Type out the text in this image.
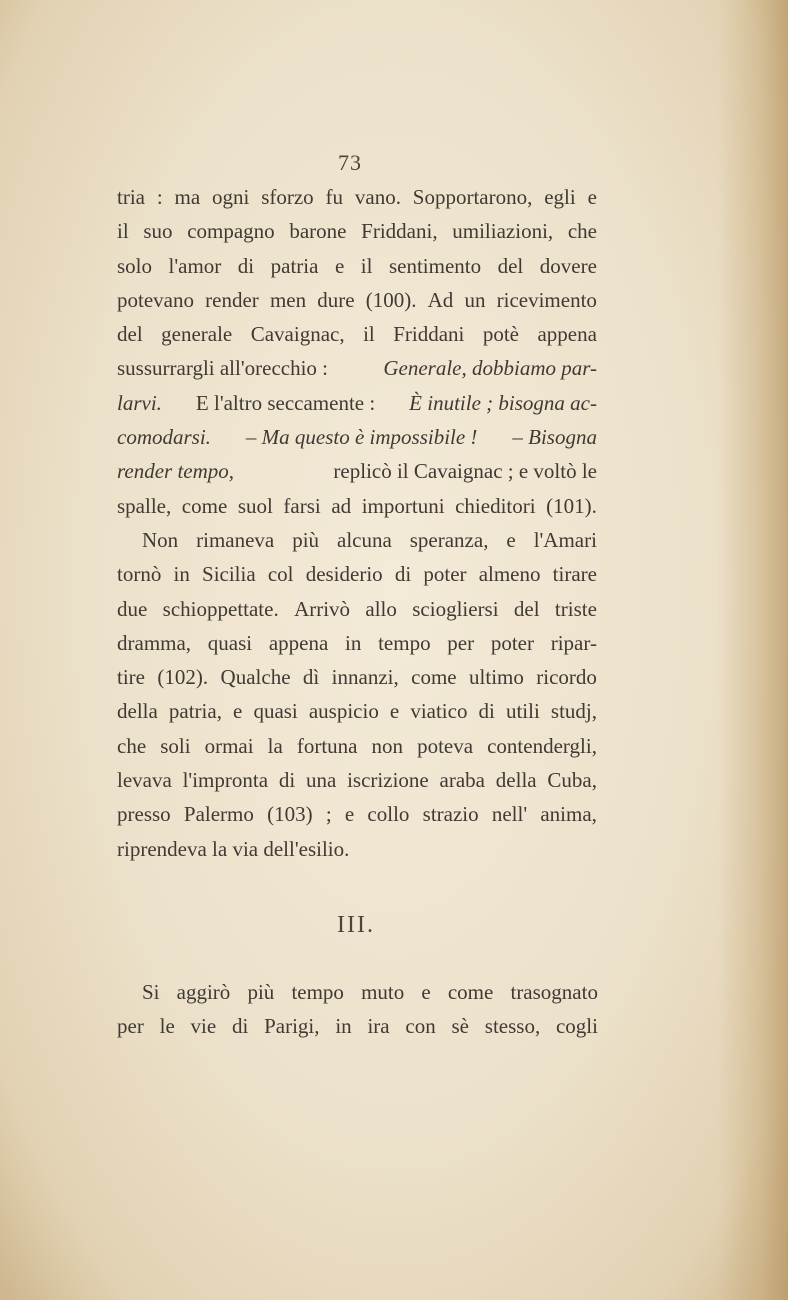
73
tria : ma ogni sforzo fu vano. Sopportarono, egli e
il suo compagno barone Friddani, umiliazioni, che
solo l'amor di patria e il sentimento del dovere
potevano render men dure (100). Ad un ricevimento
del generale Cavaignac, il Friddani potè appena
sussurrargli all'orecchio :	Generale, dobbiamo par-
larvi. E l'altro seccamente : È inutile ; bisogna ac-
comodarsi. – Ma questo è impossibile ! – Bisogna
render tempo,	replicò il Cavaignac ; e voltò le
spalle, come suol farsi ad importuni chieditori (101).
Non rimaneva più alcuna speranza, e l'Amari
tornò in Sicilia col desiderio di poter almeno tirare
due schioppettate. Arrivò allo sciogliersi del triste
dramma, quasi appena in tempo per poter ripar-
tire (102). Qualche dì innanzi, come ultimo ricordo
della patria, e quasi auspicio e viatico di utili studj,
che soli ormai la fortuna non poteva contendergli,
levava l'impronta di una iscrizione araba della Cuba,
presso Palermo (103) ; e collo strazio nell' anima,
riprendeva la via dell'esilio.
III.
Si aggirò più tempo muto e come trasognato
per le vie di Parigi, in ira con sè stesso, cogli
